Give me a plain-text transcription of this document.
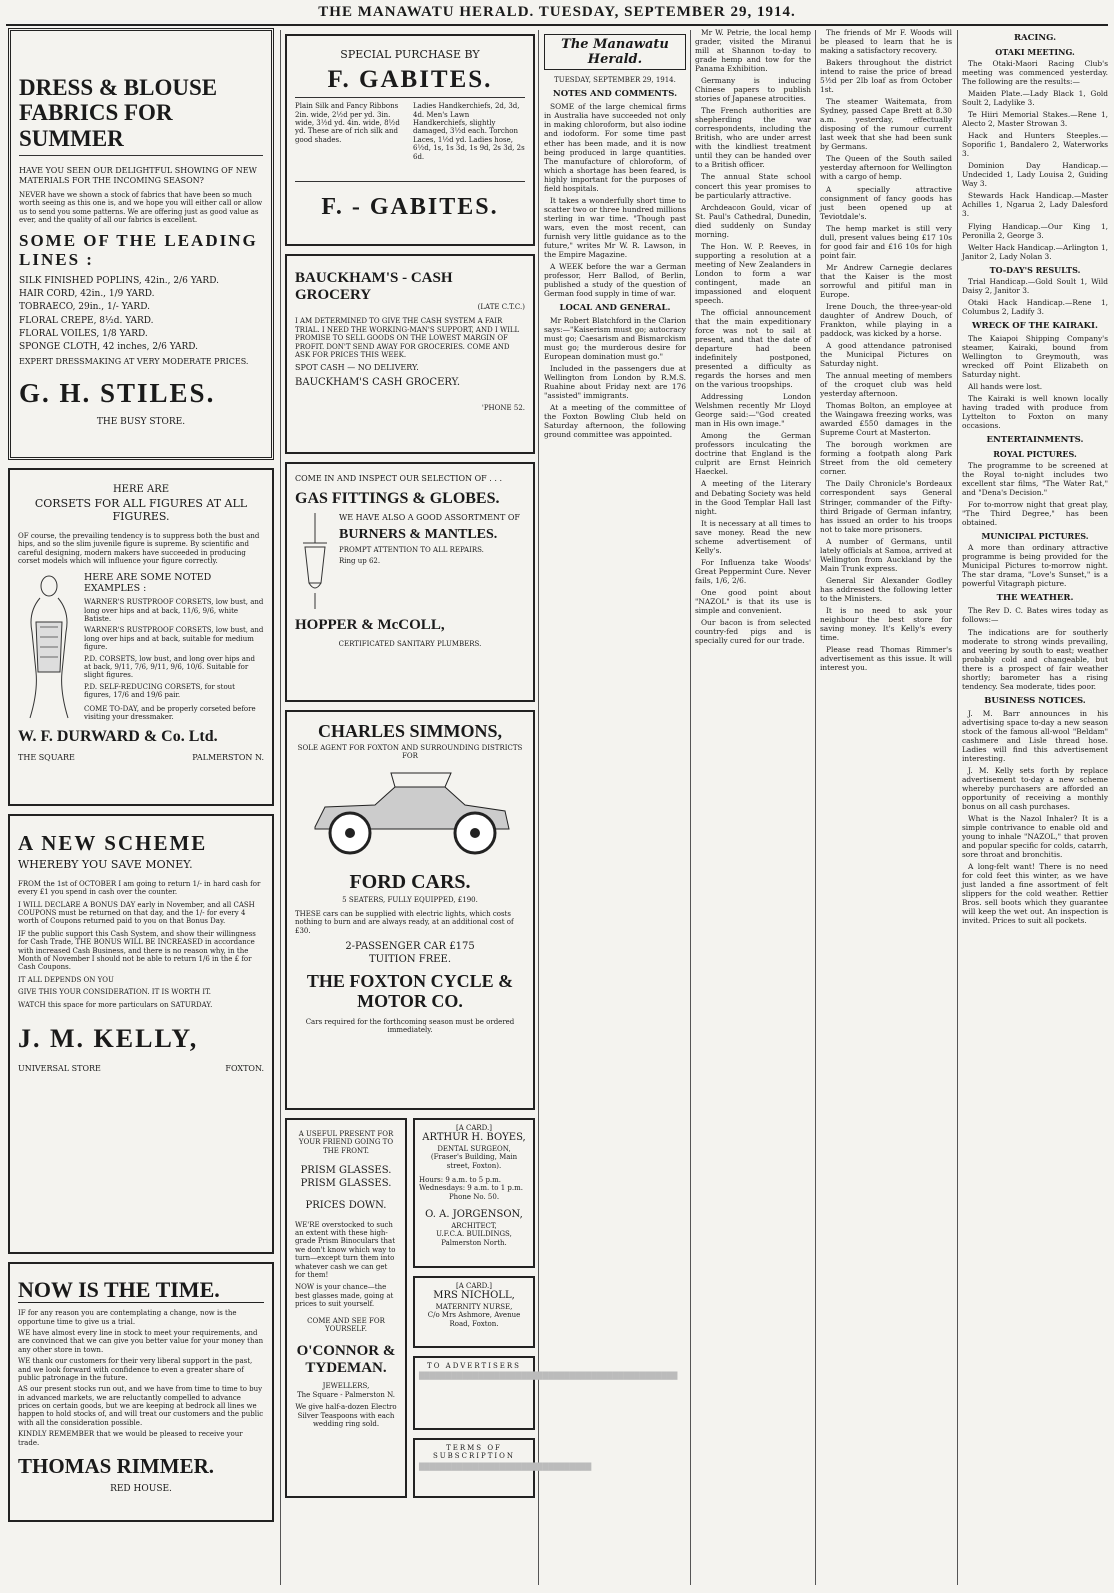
THE MANAWATU HERALD. TUESDAY, SEPTEMBER 29, 1914.
DRESS & BLOUSE FABRICS FOR SUMMER

HAVE YOU SEEN OUR DELIGHTFUL SHOWING OF NEW MATERIALS FOR THE INCOMING SEASON?

NEVER have we shown a stock of fabrics that have been so much worth seeing as this one is, and we hope you will either call or allow us to send you some patterns. We are offering just as good value as ever, and the quality of all our fabrics is excellent.

SOME OF THE LEADING LINES :
SILK FINISHED POPLINS, 42in., 2/6 YARD.
HAIR CORD, 42in., 1/9 YARD.
TOBRAECO, 29in., 1/- YARD.
FLORAL CREPE, 8½d. YARD.
FLORAL VOILES, 1/8 YARD.
SPONGE CLOTH, 42 inches, 2/6 YARD.

EXPERT DRESSMAKING AT VERY MODERATE PRICES.

G. H. STILES.
THE BUSY STORE.
HERE ARE
CORSETS FOR ALL FIGURES AT ALL FIGURES.

OF course, the prevailing tendency is to suppress both the bust and hips, and so the slim juvenile figure is supreme. By scientific and careful designing, modern makers have succeeded in producing corset models which will influence your figure correctly.

HERE ARE SOME NOTED EXAMPLES :

WARNER'S RUSTPROOF CORSETS, low bust, and long over hips and at back, 11/6, 9/6, white Batiste.

WARNER'S RUSTPROOF CORSETS, low bust, and long over hips and at back, suitable for medium figure.

P.D. CORSETS, low bust, and long over hips and at back, 9/11, 7/6, 9/11, 9/6, 10/6. Suitable for slight figures.

P.D. SELF-REDUCING CORSETS, for stout figures, 17/6 and 19/6 pair.

COME TO-DAY, and be properly corseted before visiting your dressmaker.

W. F. DURWARD & Co. Ltd.
THE SQUARE	PALMERSTON N.
A NEW SCHEME
WHEREBY YOU SAVE MONEY.

FROM the 1st of OCTOBER I am going to return 1/- in hard cash for every £1 you spend in cash over the counter.

I WILL DECLARE A BONUS DAY early in November, and all CASH COUPONS must be returned on that day, and the 1/- for every 4 worth of Coupons returned paid to you on that Bonus Day.

IF the public support this Cash System, and show their willingness for Cash Trade, THE BONUS WILL BE INCREASED in accordance with increased Cash Business, and there is no reason why, in the Month of November I should not be able to return 1/6 in the £ for Cash Coupons.

IT ALL DEPENDS ON YOU

GIVE THIS YOUR CONSIDERATION. IT IS WORTH IT.

WATCH this space for more particulars on SATURDAY.

J. M. KELLY,
UNIVERSAL STORE	FOXTON.
NOW IS THE TIME.

IF for any reason you are contemplating a change, now is the opportune time to give us a trial.

WE have almost every line in stock to meet your requirements, and are convinced that we can give you better value for your money than any other store in town.

WE thank our customers for their very liberal support in the past, and we look forward with confidence to even a greater share of public patronage in the future.

AS our present stocks run out, and we have from time to time to buy in advanced markets, we are reluctantly compelled to advance prices on certain goods, but we are keeping at bedrock all lines we happen to hold stocks of, and will treat our customers and the public with all the consideration possible.

KINDLY REMEMBER that we would be pleased to receive your trade.

THOMAS RIMMER.
RED HOUSE.
SPECIAL PURCHASE BY
F. GABITES.

Plain Silk and Fancy Ribbons 2in. wide, 2½d per yd. 3in. wide, 3½d yd. 4in. wide, 8½d yd. These are of rich silk and good shades.

Ladies Handkerchiefs, 2d, 3d, 4d. Men's Lawn Handkerchiefs, slightly damaged, 3½d each. Torchon Laces, 1½d yd. Ladies hose, 6½d, 1s, 1s 3d, 1s 9d, 2s 3d, 2s 6d.

F. - GABITES.
BAUCKHAM'S - CASH GROCERY
(LATE C.T.C.)

I AM DETERMINED TO GIVE THE CASH SYSTEM A FAIR TRIAL. I NEED THE WORKING-MAN'S SUPPORT, AND I WILL PROMISE TO SELL GOODS ON THE LOWEST MARGIN OF PROFIT. DON'T SEND AWAY FOR GROCERIES. COME AND ASK FOR PRICES THIS WEEK.

SPOT CASH — NO DELIVERY.

BAUCKHAM'S CASH GROCERY.
'PHONE 52.

COME IN AND INSPECT OUR SELECTION OF . . .

GAS FITTINGS & GLOBES.

WE HAVE ALSO A GOOD ASSORTMENT OF

BURNERS & MANTLES.

PROMPT ATTENTION TO ALL REPAIRS.

Ring up 62.

HOPPER & McCOLL,
CERTIFICATED SANITARY PLUMBERS.
CHARLES SIMMONS,

SOLE AGENT FOR FOXTON AND SURROUNDING DISTRICTS FOR

FORD CARS.
5 SEATERS, FULLY EQUIPPED, £190.

THESE cars can be supplied with electric lights, which costs nothing to burn and are always ready, at an additional cost of £30.

2-PASSENGER CAR £175
TUITION FREE.
THE FOXTON CYCLE & MOTOR CO.

Cars required for the forthcoming season must be ordered immediately.

A USEFUL PRESENT FOR YOUR FRIEND GOING TO THE FRONT.

PRISM GLASSES. PRISM GLASSES.
PRICES DOWN.

WE'RE overstocked to such an extent with these high-grade Prism Binoculars that we don't know which way to turn—except turn them into whatever cash we can get for them!

NOW is your chance—the best glasses made, going at prices to suit yourself.

COME AND SEE FOR YOURSELF.
O'CONNOR & TYDEMAN.
JEWELLERS,
The Square - Palmerston N.

We give half-a-dozen Electro Silver Teaspoons with each wedding ring sold.

[A CARD.]
ARTHUR H. BOYES,
DENTAL SURGEON,
(Fraser's Building, Main street, Foxton).
Hours: 9 a.m. to 5 p.m. Wednesdays: 9 a.m. to 1 p.m.
Phone No. 50.
O. A. JORGENSON,
ARCHITECT,
U.F.C.A. BUILDINGS, Palmerston North.
[A CARD.]
MRS NICHOLL,
MATERNITY NURSE,
C/o Mrs Ashmore, Avenue Road, Foxton.
TO ADVERTISERS
████████████████████████████████████████████████
TERMS OF SUBSCRIPTION
████████████████████████████████
The Manawatu Herald.
TUESDAY, SEPTEMBER 29, 1914.
NOTES AND COMMENTS.

SOME of the large chemical firms in Australia have succeeded not only in making chloroform, but also iodine and iodoform. For some time past ether has been made, and it is now being produced in large quantities. The manufacture of chloroform, of which a shortage has been feared, is highly important for the purposes of field hospitals.

It takes a wonderfully short time to scatter two or three hundred millions sterling in war time. "Though past wars, even the most recent, can furnish very little guidance as to the future," writes Mr W. R. Lawson, in the Empire Magazine.

A WEEK before the war a German professor, Herr Ballod, of Berlin, published a study of the question of German food supply in time of war.

LOCAL AND GENERAL.

Mr Robert Blatchford in the Clarion says:—"Kaiserism must go; autocracy must go; Caesarism and Bismarckism must go; the murderous desire for European domination must go."

Included in the passengers due at Wellington from London by R.M.S. Ruahine about Friday next are 176 "assisted" immigrants.

At a meeting of the committee of the Foxton Bowling Club held on Saturday afternoon, the following ground committee was appointed.

Mr W. Petrie, the local hemp grader, visited the Miranui mill at Shannon to-day to grade hemp and tow for the Panama Exhibition.

Germany is inducing Chinese papers to publish stories of Japanese atrocities.

The French authorities are shepherding the war correspondents, including the British, who are under arrest with the kindliest treatment until they can be handed over to a British officer.

The annual State school concert this year promises to be particularly attractive.

Archdeacon Gould, vicar of St. Paul's Cathedral, Dunedin, died suddenly on Sunday morning.

The Hon. W. P. Reeves, in supporting a resolution at a meeting of New Zealanders in London to form a war contingent, made an impassioned and eloquent speech.

The official announcement that the main expeditionary force was not to sail at present, and that the date of departure had been indefinitely postponed, presented a difficulty as regards the horses and men on the various troopships.

Addressing London Welshmen recently Mr Lloyd George said:—"God created man in His own image."

Among the German professors inculcating the doctrine that England is the culprit are Ernst Heinrich Haeckel.

A meeting of the Literary and Debating Society was held in the Good Templar Hall last night.

It is necessary at all times to save money. Read the new scheme advertisement of Kelly's.

For Influenza take Woods' Great Peppermint Cure. Never fails, 1/6, 2/6.

One good point about "NAZOL" is that its use is simple and convenient.

Our bacon is from selected country-fed pigs and is specially cured for our trade.

The friends of Mr F. Woods will be pleased to learn that he is making a satisfactory recovery.

Bakers throughout the district intend to raise the price of bread 5½d per 2lb loaf as from October 1st.

The steamer Waitemata, from Sydney, passed Cape Brett at 8.30 a.m. yesterday, effectually disposing of the rumour current last week that she had been sunk by Germans.

The Queen of the South sailed yesterday afternoon for Wellington with a cargo of hemp.

A specially attractive consignment of fancy goods has just been opened up at Teviotdale's.

The hemp market is still very dull, present values being £17 10s for good fair and £16 10s for high point fair.

Mr Andrew Carnegie declares that the Kaiser is the most sorrowful and pitiful man in Europe.

Irene Douch, the three-year-old daughter of Andrew Douch, of Frankton, while playing in a paddock, was kicked by a horse.

A good attendance patronised the Municipal Pictures on Saturday night.

The annual meeting of members of the croquet club was held yesterday afternoon.

Thomas Bolton, an employee at the Waingawa freezing works, was awarded £550 damages in the Supreme Court at Masterton.

The borough workmen are forming a footpath along Park Street from the old cemetery corner.

The Daily Chronicle's Bordeaux correspondent says General Stringer, commander of the Fifty-third Brigade of German infantry, has issued an order to his troops not to take more prisoners.

A number of Germans, until lately officials at Samoa, arrived at Wellington from Auckland by the Main Trunk express.

General Sir Alexander Godley has addressed the following letter to the Ministers.

It is no need to ask your neighbour the best store for saving money. It's Kelly's every time.

Please read Thomas Rimmer's advertisement as this issue. It will interest you.

RACING.
OTAKI MEETING.

The Otaki-Maori Racing Club's meeting was commenced yesterday. The following are the results:—

Maiden Plate.—Lady Black 1, Gold Soult 2, Ladylike 3.

Te Hiiri Memorial Stakes.—Rene 1, Alecto 2, Master Strowan 3.

Hack and Hunters Steeples.—Soporific 1, Bandalero 2, Waterworks 3.

Dominion Day Handicap.—Undecided 1, Lady Louisa 2, Guiding Way 3.

Stewards Hack Handicap.—Master Achilles 1, Ngarua 2, Lady Dalesford 3.

Flying Handicap.—Our King 1, Peronilla 2, George 3.

Welter Hack Handicap.—Arlington 1, Janitor 2, Lady Nolan 3.

TO-DAY'S RESULTS.

Trial Handicap.—Gold Soult 1, Wild Daisy 2, Janitor 3.

Otaki Hack Handicap.—Rene 1, Columbus 2, Ladify 3.

WRECK OF THE KAIRAKI.

The Kaiapoi Shipping Company's steamer, Kairaki, bound from Wellington to Greymouth, was wrecked off Point Elizabeth on Saturday night.

All hands were lost.

The Kairaki is well known locally having traded with produce from Lyttelton to Foxton on many occasions.

ENTERTAINMENTS.
ROYAL PICTURES.

The programme to be screened at the Royal to-night includes two excellent star films, "The Water Rat," and "Dena's Decision."

For to-morrow night that great play, "The Third Degree," has been obtained.

MUNICIPAL PICTURES.

A more than ordinary attractive programme is being provided for the Municipal Pictures to-morrow night. The star drama, "Love's Sunset," is a powerful Vitagraph picture.

THE WEATHER.

The Rev D. C. Bates wires today as follows:—

The indications are for southerly moderate to strong winds prevailing, and veering by south to east; weather probably cold and changeable, but there is a prospect of fair weather shortly; barometer has a rising tendency. Sea moderate, tides poor.

BUSINESS NOTICES.

J. M. Barr announces in his advertising space to-day a new season stock of the famous all-wool "Beldam" cashmere and Lisle thread hose. Ladies will find this advertisement interesting.

J. M. Kelly sets forth by replace advertisement to-day a new scheme whereby purchasers are afforded an opportunity of receiving a monthly bonus on all cash purchases.

What is the Nazol Inhaler? It is a simple contrivance to enable old and young to inhale "NAZOL," that proven and popular specific for colds, catarrh, sore throat and bronchitis.

A long-felt want! There is no need for cold feet this winter, as we have just landed a fine assortment of felt slippers for the cold weather. Rettier Bros. sell boots which they guarantee will keep the wet out. An inspection is invited. Prices to suit all pockets.
